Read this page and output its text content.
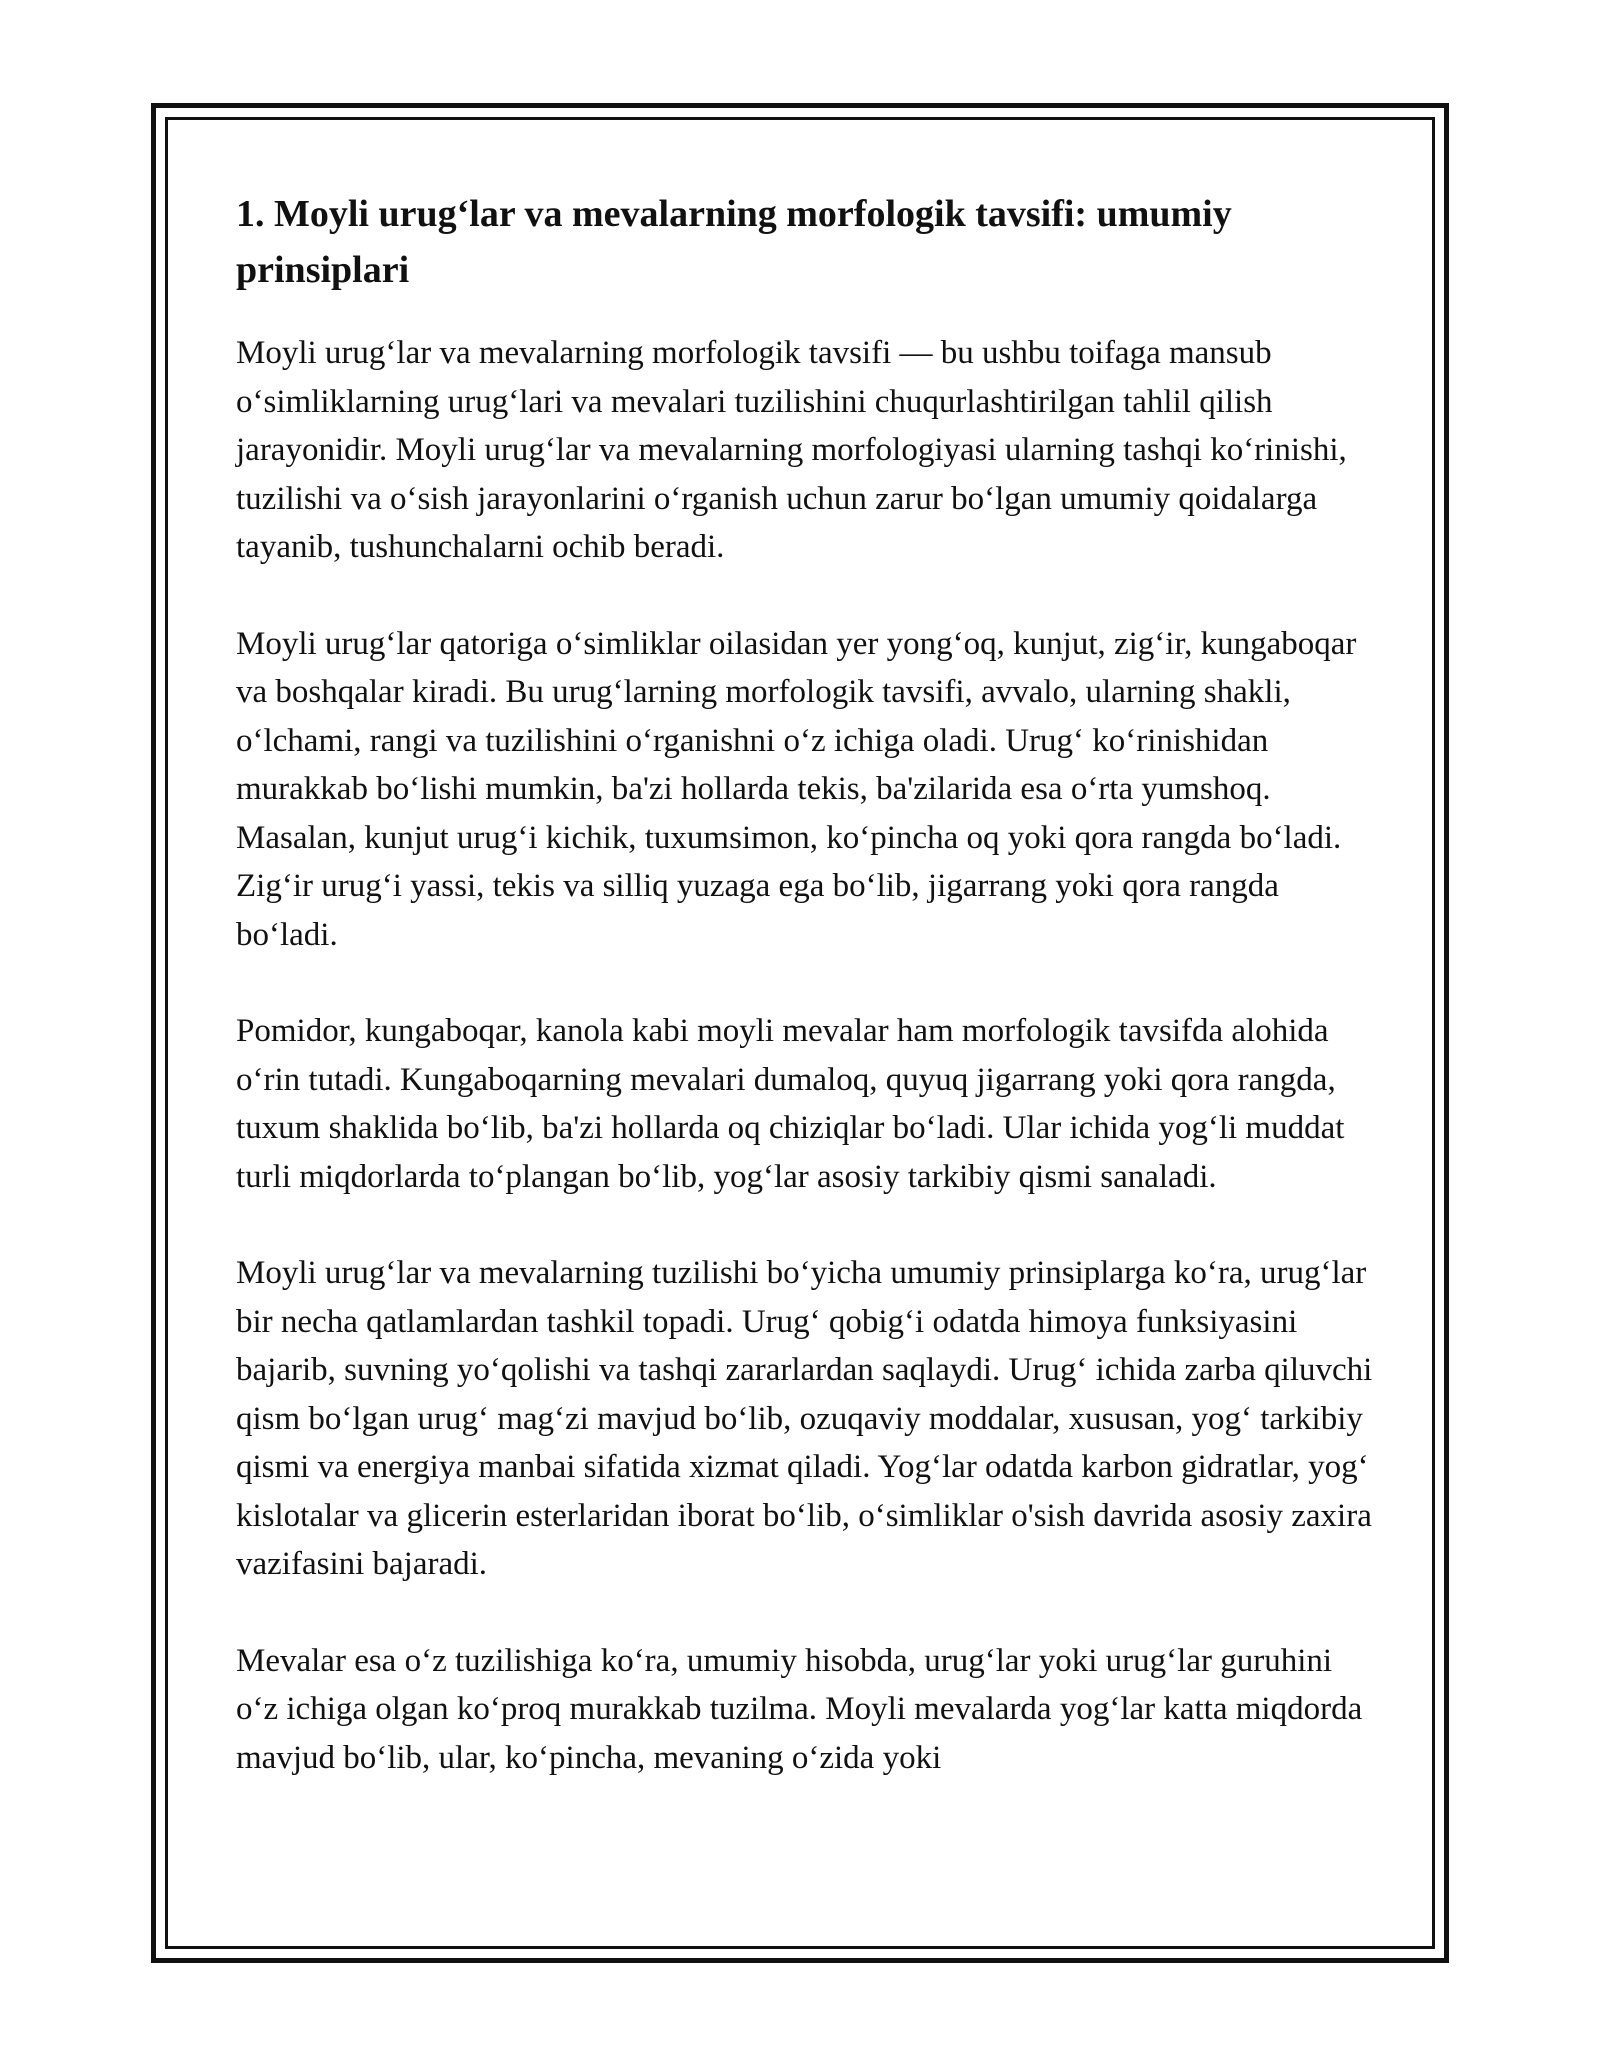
1. Moyli urug‘lar va mevalarning morfologik tavsifi: umumiy prinsiplari

Moyli urug‘lar va mevalarning morfologik tavsifi — bu ushbu toifaga mansub o‘simliklarning urug‘lari va mevalari tuzilishini chuqurlashtirilgan tahlil qilish jarayonidir. Moyli urug‘lar va mevalarning morfologiyasi ularning tashqi ko‘rinishi, tuzilishi va o‘sish jarayonlarini o‘rganish uchun zarur bo‘lgan umumiy qoidalarga tayanib, tushunchalarni ochib beradi.

Moyli urug‘lar qatoriga o‘simliklar oilasidan yer yong‘oq, kunjut, zig‘ir, kungaboqar va boshqalar kiradi. Bu urug‘larning morfologik tavsifi, avvalo, ularning shakli, o‘lchami, rangi va tuzilishini o‘rganishni o‘z ichiga oladi. Urug‘ ko‘rinishidan murakkab bo‘lishi mumkin, ba'zi hollarda tekis, ba'zilarida esa o‘rta yumshoq. Masalan, kunjut urug‘i kichik, tuxumsimon, ko‘pincha oq yoki qora rangda bo‘ladi. Zig‘ir urug‘i yassi, tekis va silliq yuzaga ega bo‘lib, jigarrang yoki qora rangda bo‘ladi.

Pomidor, kungaboqar, kanola kabi moyli mevalar ham morfologik tavsifda alohida o‘rin tutadi. Kungaboqarning mevalari dumaloq, quyuq jigarrang yoki qora rangda, tuxum shaklida bo‘lib, ba'zi hollarda oq chiziqlar bo‘ladi. Ular ichida yog‘li muddat turli miqdorlarda to‘plangan bo‘lib, yog‘lar asosiy tarkibiy qismi sanaladi.

Moyli urug‘lar va mevalarning tuzilishi bo‘yicha umumiy prinsiplarga ko‘ra, urug‘lar bir necha qatlamlardan tashkil topadi. Urug‘ qobig‘i odatda himoya funksiyasini bajarib, suvning yo‘qolishi va tashqi zararlardan saqlaydi. Urug‘ ichida zarba qiluvchi qism bo‘lgan urug‘ mag‘zi mavjud bo‘lib, ozuqaviy moddalar, xususan, yog‘ tarkibiy qismi va energiya manbai sifatida xizmat qiladi. Yog‘lar odatda karbon gidratlar, yog‘ kislotalar va glicerin esterlaridan iborat bo‘lib, o‘simliklar o'sish davrida asosiy zaxira vazifasini bajaradi.

Mevalar esa o‘z tuzilishiga ko‘ra, umumiy hisobda, urug‘lar yoki urug‘lar guruhini o‘z ichiga olgan ko‘proq murakkab tuzilma. Moyli mevalarda yog‘lar katta miqdorda mavjud bo‘lib, ular, ko‘pincha, mevaning o‘zida yoki
